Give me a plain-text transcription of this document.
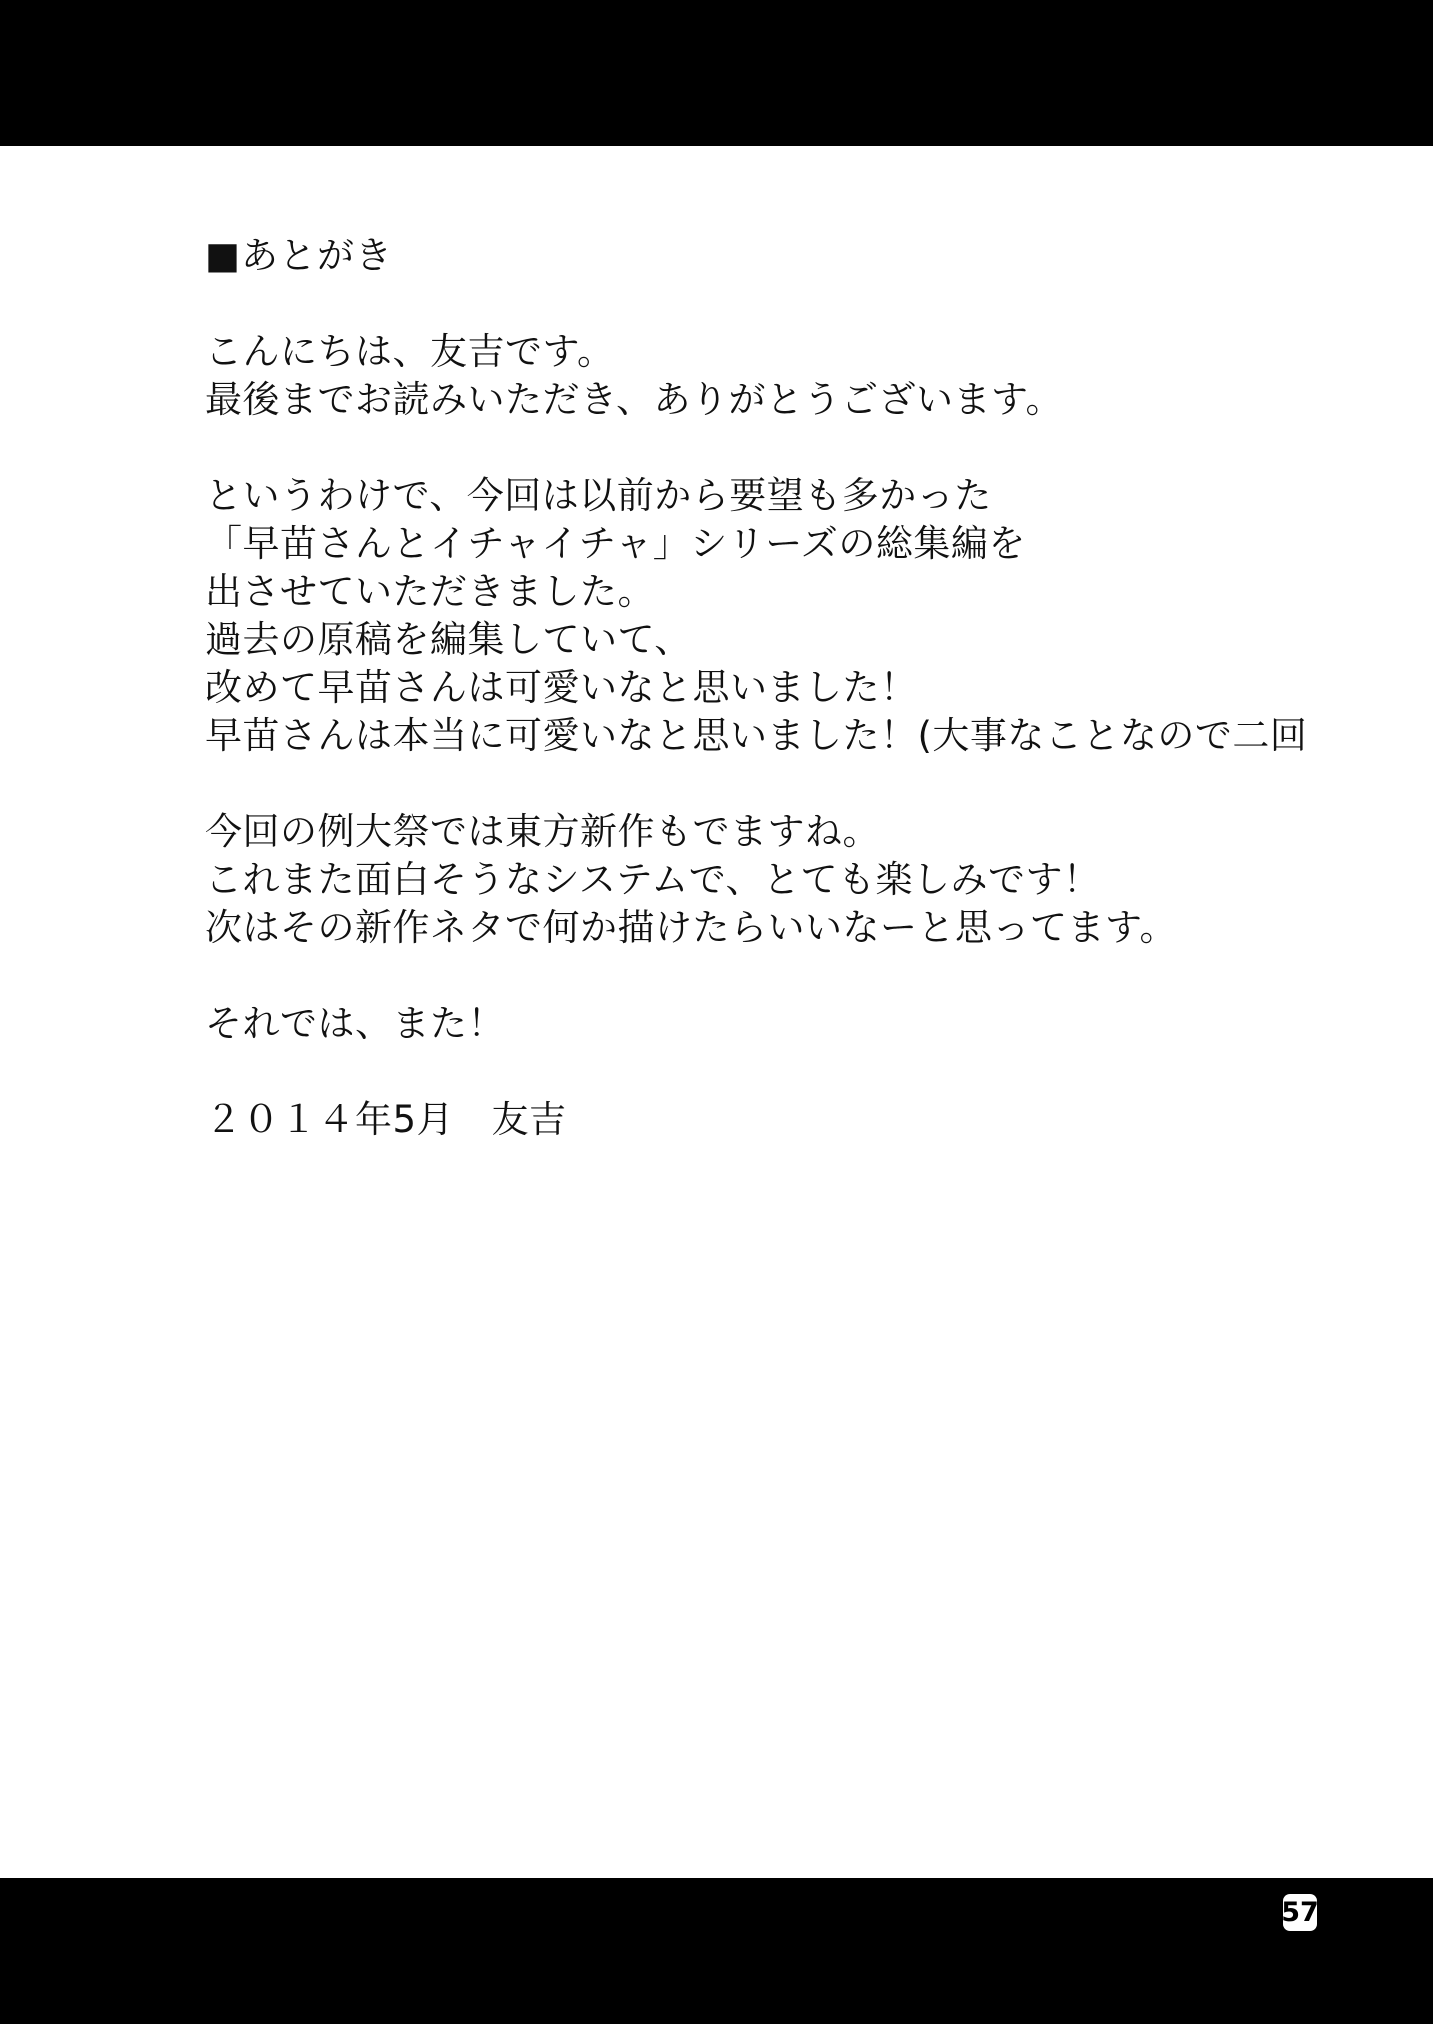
■あとがき

こんにちは、友吉です。
最後までお読みいただき、ありがとうございます。

というわけで、今回は以前から要望も多かった
「早苗さんとイチャイチャ」シリーズの総集編を
出させていただきました。
過去の原稿を編集していて、
改めて早苗さんは可愛いなと思いました！
早苗さんは本当に可愛いなと思いました！(大事なことなので二回

今回の例大祭では東方新作もでますね。
これまた面白そうなシステムで、とても楽しみです！
次はその新作ネタで何か描けたらいいなーと思ってます。

それでは、また！

２０１４年5月　友吉

57
